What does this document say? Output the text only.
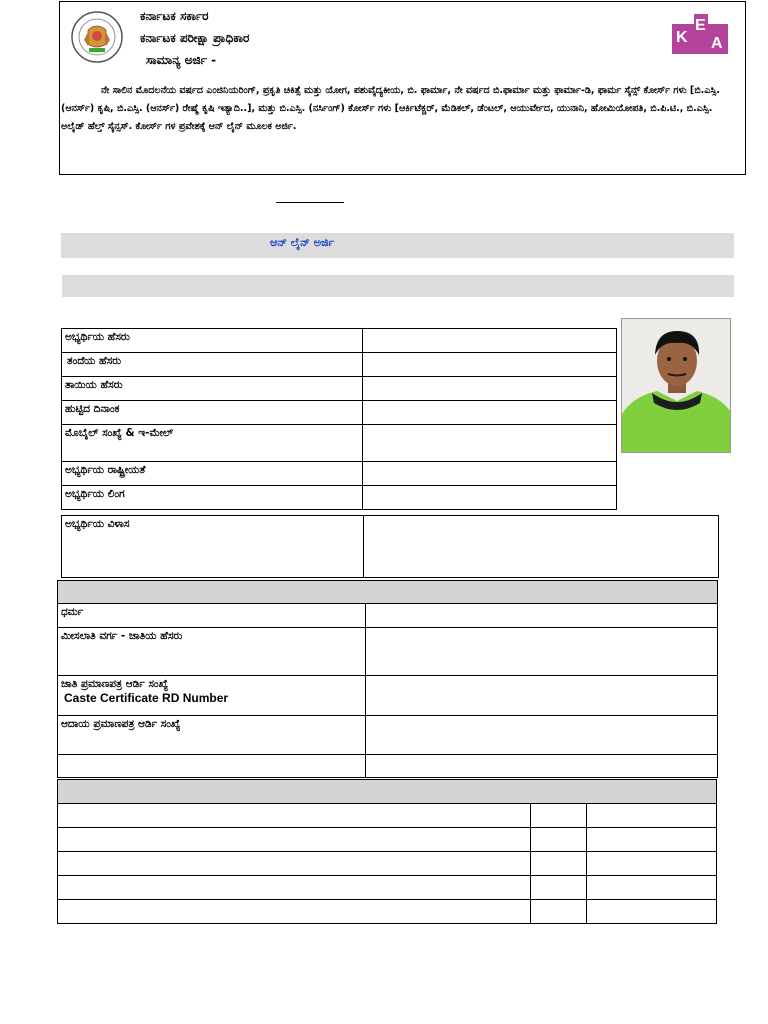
ಕರ್ನಾಟಕ ಸರ್ಕಾರ
ಕರ್ನಾಟಕ ಪರೀಕ್ಷಾ ಪ್ರಾಧಿಕಾರ
ಸಾಮಾನ್ಯ ಅರ್ಜಿ -
K
E
A
ನೇ ಸಾಲಿನ ಮೊದಲನೆಯ ವರ್ಷದ ಎಂಜಿನಿಯರಿಂಗ್, ಪ್ರಕೃತಿ ಚಿಕಿತ್ಸೆ ಮತ್ತು ಯೋಗ, ಪಶುವೈದ್ಯಕೀಯ, ಬಿ. ಫಾರ್ಮಾ, ನೇ ವರ್ಷದ ಬಿ.ಫಾರ್ಮಾ ಮತ್ತು ಫಾರ್ಮಾ-ಡಿ, ಫಾರ್ಮ ಸೈನ್ಸ್ ಕೋರ್ಸ್ ಗಳು [ಬಿ.ಎಸ್ಸಿ. (ಆನರ್ಸ್) ಕೃಷಿ, ಬಿ.ಎಸ್ಸಿ. (ಆನರ್ಸ್) ರೇಷ್ಮೆ ಕೃಷಿ ಇತ್ಯಾದಿ..], ಮತ್ತು ಬಿ.ಎಸ್ಸಿ. (ನರ್ಸಿಂಗ್) ಕೋರ್ಸ್ ಗಳು [ಆರ್ಕಿಟೆಕ್ಚರ್, ಮೆಡಿಕಲ್, ಡೆಂಟಲ್, ಆಯುರ್ವೇದ, ಯುನಾನಿ, ಹೋಮಿಯೋಪತಿ, ಬಿ.ಪಿ.ಟಿ., ಬಿ.ಎಸ್ಸಿ. ಅಲೈಡ್ ಹೆಲ್ತ್ ಸೈನ್ಸಸ್. ಕೋರ್ಸ್ ಗಳ ಪ್ರವೇಶಕ್ಕೆ ಆನ್ ಲೈನ್ ಮೂಲಕ ಅರ್ಜಿ.
ಆನ್ ಲೈನ್ ಅರ್ಜಿ
ಅಭ್ಯರ್ಥಿಯ ಹೆಸರು	
ತಂದೆಯ ಹೆಸರು	
ತಾಯಿಯ ಹೆಸರು	
ಹುಟ್ಟಿದ ದಿನಾಂಕ	
ಮೊಬೈಲ್ ಸಂಖ್ಯೆ & ಇ-ಮೇಲ್	
ಅಭ್ಯರ್ಥಿಯ ರಾಷ್ಟ್ರೀಯತೆ	
ಅಭ್ಯರ್ಥಿಯ ಲಿಂಗ	
ಅಭ್ಯರ್ಥಿಯ ವಿಳಾಸ	

ಧರ್ಮ	
ಮೀಸಲಾತಿ ವರ್ಗ - ಜಾತಿಯ ಹೆಸರು	
ಜಾತಿ ಪ್ರಮಾಣಪತ್ರ ಆರ್ಡಿ ಸಂಖ್ಯೆ
Caste Certificate RD Number	

ಆದಾಯ ಪ್ರಮಾಣಪತ್ರ ಆರ್ಡಿ ಸಂಖ್ಯೆ	
